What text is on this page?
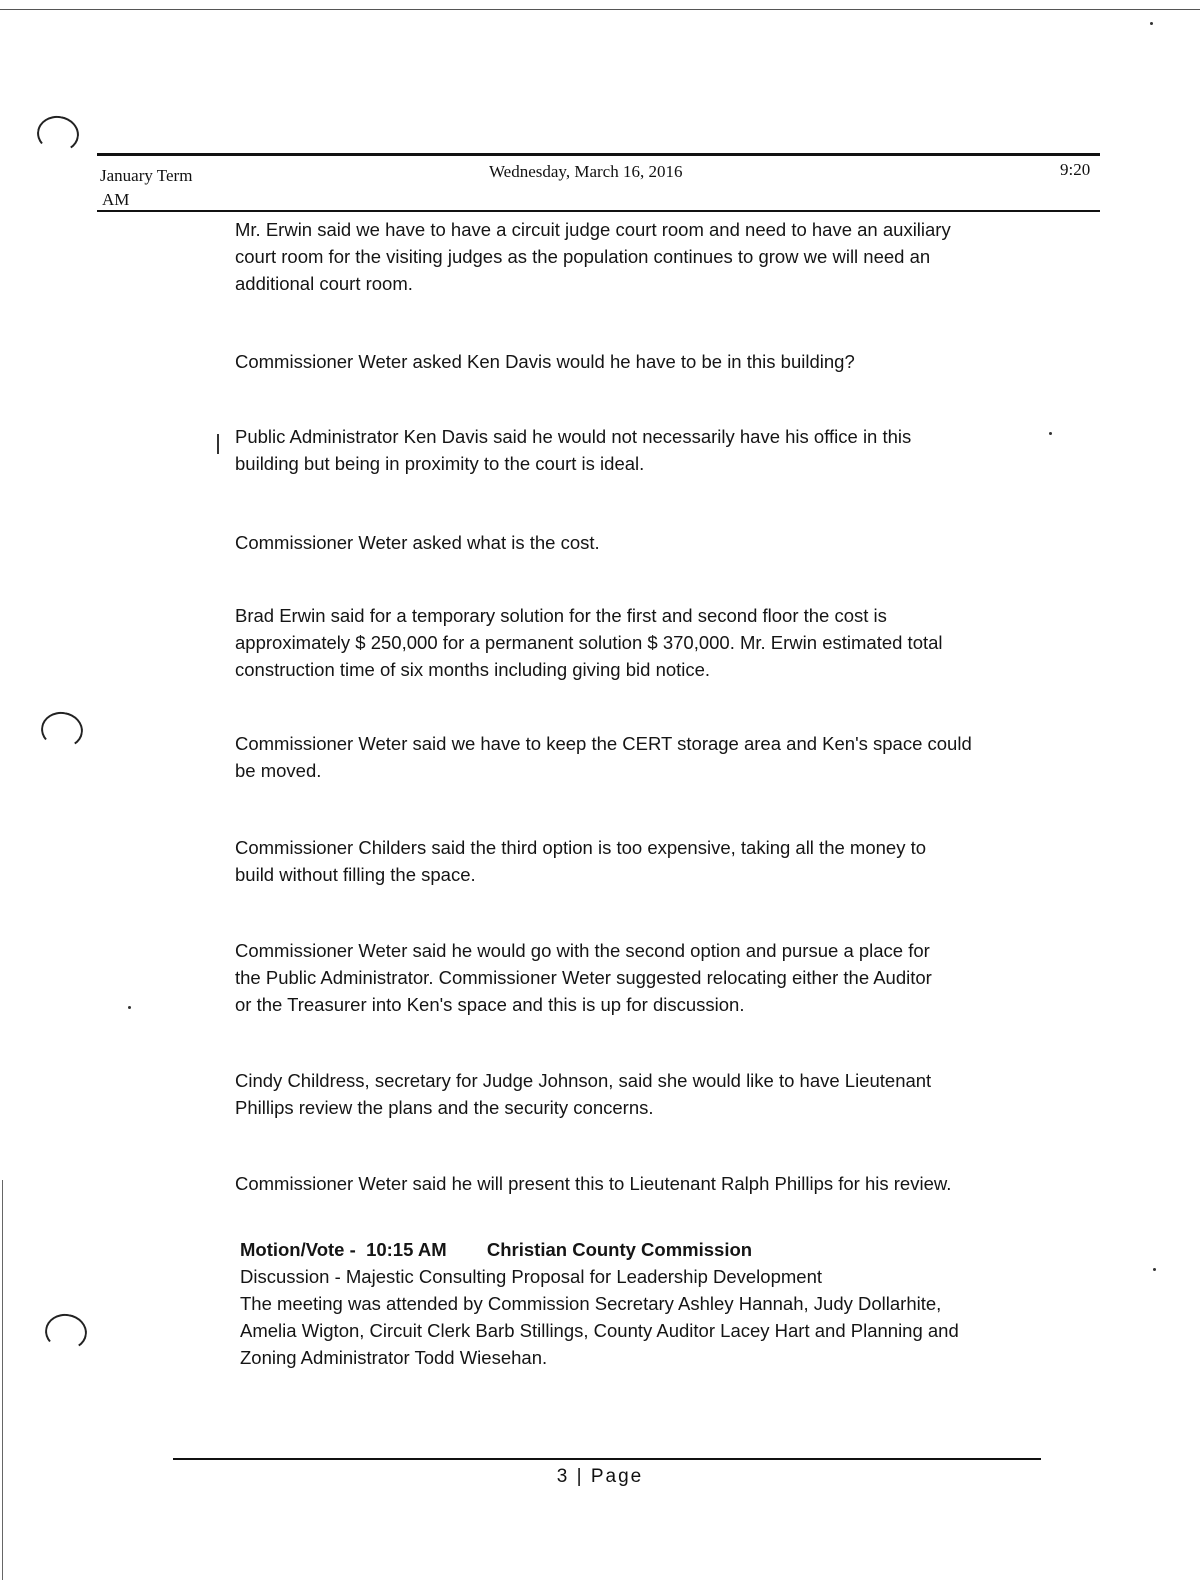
January Term
AM
Wednesday, March 16, 2016	9:20
Mr. Erwin said we have to have a circuit judge court room and need to have an auxiliary
court room for the visiting judges as the population continues to grow we will need an
additional court room.
Commissioner Weter asked Ken Davis would he have to be in this building?
Public Administrator Ken Davis said he would not necessarily have his office in this
building but being in proximity to the court is ideal.
Commissioner Weter asked what is the cost.
Brad Erwin said for a temporary solution for the first and second floor the cost is
approximately $ 250,000 for a permanent solution $ 370,000. Mr. Erwin estimated total
construction time of six months including giving bid notice.
Commissioner Weter said we have to keep the CERT storage area and Ken's space could
be moved.
Commissioner Childers said the third option is too expensive, taking all the money to
build without filling the space.
Commissioner Weter said he would go with the second option and pursue a place for
the Public Administrator. Commissioner Weter suggested relocating either the Auditor
or the Treasurer into Ken's space and this is up for discussion.
Cindy Childress, secretary for Judge Johnson, said she would like to have Lieutenant
Phillips review the plans and the security concerns.
Commissioner Weter said he will present this to Lieutenant Ralph Phillips for his review.
Motion/Vote - 10:15 AM Christian County Commission
Discussion - Majestic Consulting Proposal for Leadership Development
The meeting was attended by Commission Secretary Ashley Hannah, Judy Dollarhite,
Amelia Wigton, Circuit Clerk Barb Stillings, County Auditor Lacey Hart and Planning and
Zoning Administrator Todd Wiesehan.
3 | Page
